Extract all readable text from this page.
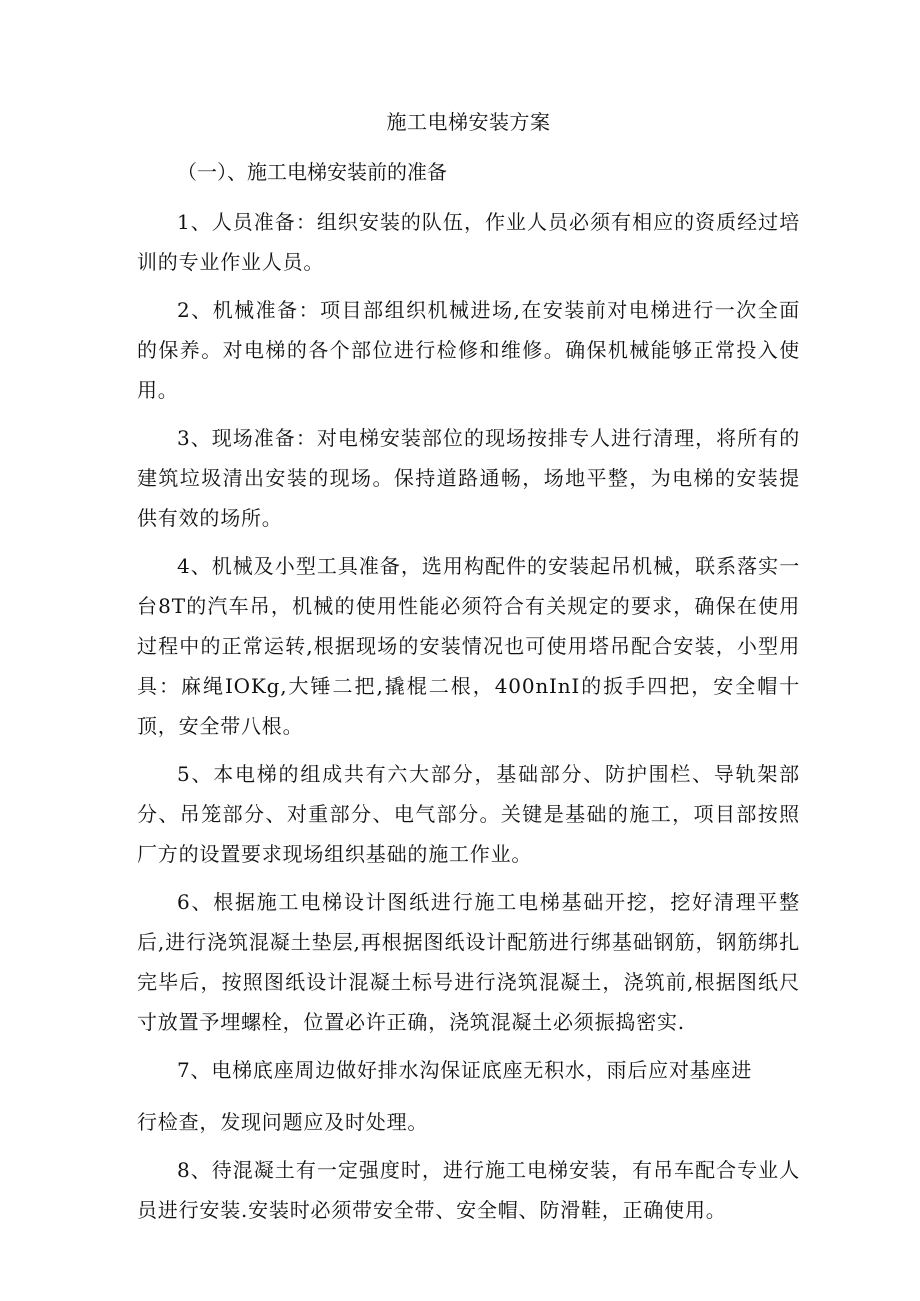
施工电梯安装方案
（一）、施工电梯安装前的准备

1、人员准备：组织安装的队伍，作业人员必须有相应的资质经过培训的专业作业人员。

2、机械准备：项目部组织机械进场,在安装前对电梯进行一次全面的保养。对电梯的各个部位进行检修和维修。确保机械能够正常投入使用。

3、现场准备：对电梯安装部位的现场按排专人进行清理，将所有的建筑垃圾清出安装的现场。保持道路通畅，场地平整，为电梯的安装提供有效的场所。

4、机械及小型工具准备，选用构配件的安装起吊机械，联系落实一台8T的汽车吊，机械的使用性能必须符合有关规定的要求，确保在使用过程中的正常运转,根据现场的安装情况也可使用塔吊配合安装，小型用具：麻绳IOKg,大锤二把,撬棍二根，400nInI的扳手四把，安全帽十顶，安全带八根。

5、本电梯的组成共有六大部分，基础部分、防护围栏、导轨架部分、吊笼部分、对重部分、电气部分。关键是基础的施工，项目部按照厂方的设置要求现场组织基础的施工作业。

6、根据施工电梯设计图纸进行施工电梯基础开挖，挖好清理平整后,进行浇筑混凝土垫层,再根据图纸设计配筋进行绑基础钢筋，钢筋绑扎完毕后，按照图纸设计混凝土标号进行浇筑混凝土，浇筑前,根据图纸尺寸放置予埋螺栓，位置必许正确，浇筑混凝土必须振捣密实.

7、电梯底座周边做好排水沟保证底座无积水，雨后应对基座进

行检查，发现问题应及时处理。

8、待混凝土有一定强度时，进行施工电梯安装，有吊车配合专业人员进行安装.安装时必须带安全带、安全帽、防滑鞋，正确使用。
